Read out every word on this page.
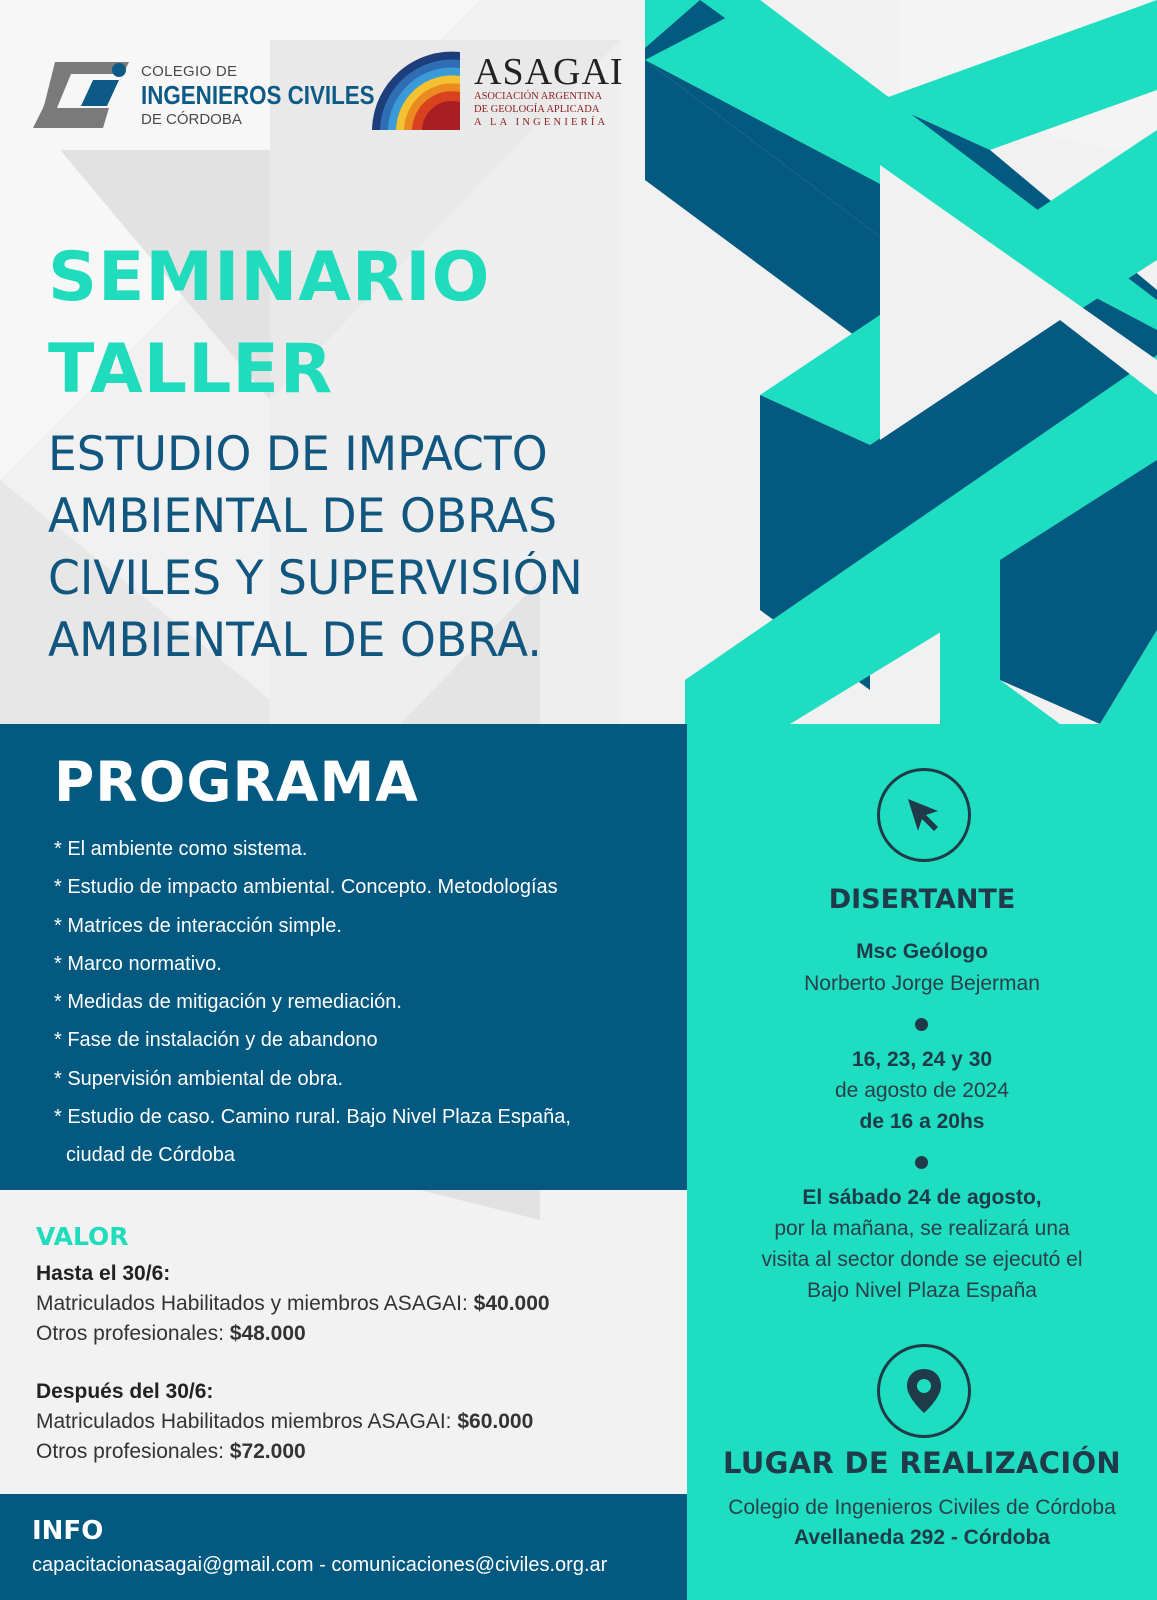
COLEGIO DE
INGENIEROS CIVILES
DE CÓRDOBA
ASAGAI
ASOCIACIÓN ARGENTINA
DE GEOLOGÍA APLICADA
A LA INGENIERÍA
SEMINARIO
TALLER
ESTUDIO DE IMPACTO
AMBIENTAL DE OBRAS
CIVILES Y SUPERVISIÓN
AMBIENTAL DE OBRA.
PROGRAMA
* El ambiente como sistema.
* Estudio de impacto ambiental. Concepto. Metodologías
* Matrices de interacción simple.
* Marco normativo.
* Medidas de mitigación y remediación.
* Fase de instalación y de abandono
* Supervisión ambiental de obra.
* Estudio de caso. Camino rural. Bajo Nivel Plaza España,
ciudad de Córdoba
DISERTANTE
Msc Geólogo
Norberto Jorge Bejerman
16, 23, 24 y 30
de agosto de 2024
de 16 a 20hs
El sábado 24 de agosto,
por la mañana, se realizará una
visita al sector donde se ejecutó el
Bajo Nivel Plaza España
LUGAR DE REALIZACIÓN
Colegio de Ingenieros Civiles de Córdoba
Avellaneda 292 - Córdoba
VALOR

Hasta el 30/6:

Matriculados Habilitados y miembros ASAGAI: $40.000

Otros profesionales: $48.000

Después del 30/6:

Matriculados Habilitados miembros ASAGAI: $60.000

Otros profesionales: $72.000

INFO

capacitacionasagai@gmail.com - comunicaciones@civiles.org.ar
